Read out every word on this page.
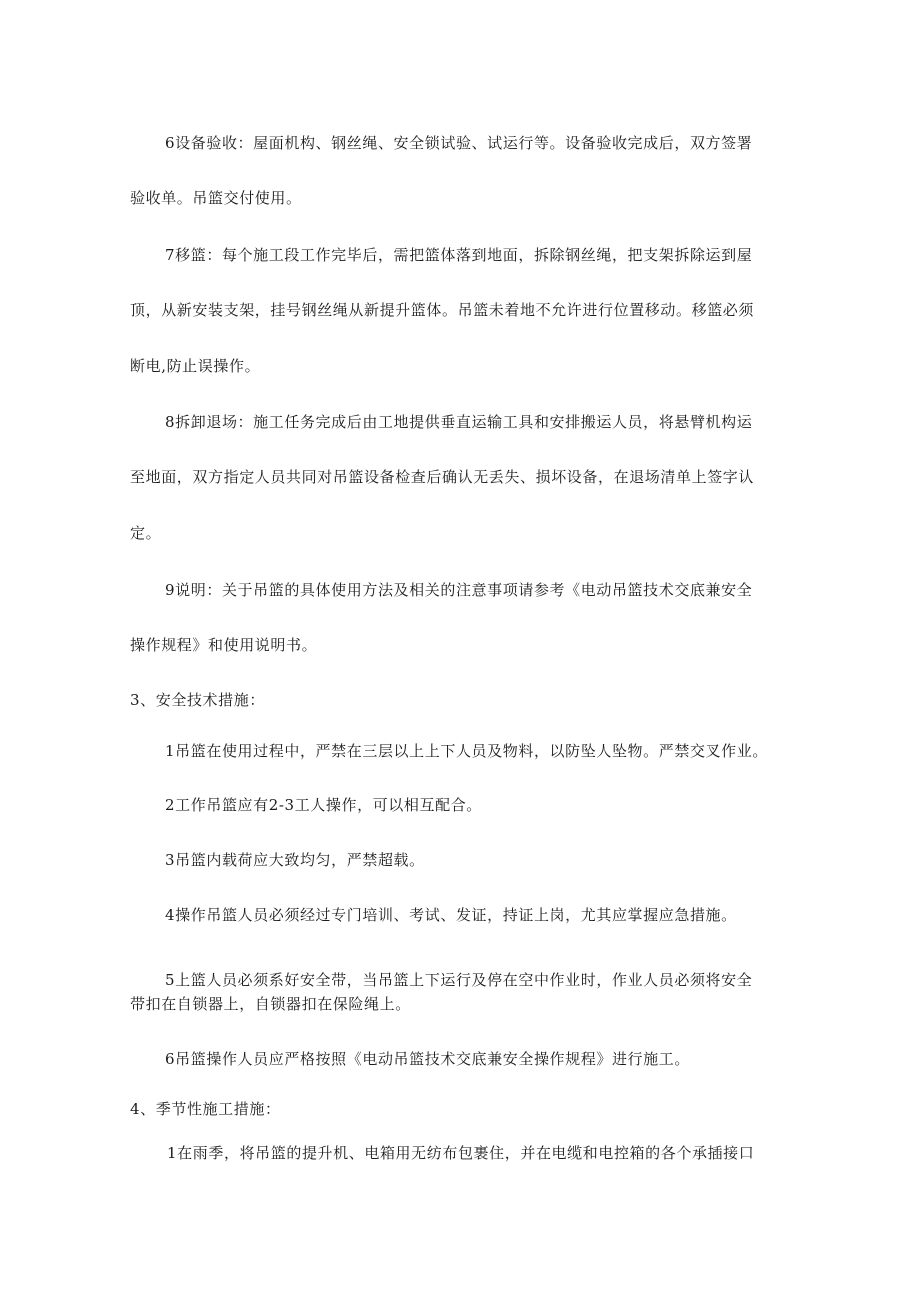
6设备验收：屋面机构、钢丝绳、安全锁试验、试运行等。设备验收完成后，双方签署
验收单。吊篮交付使用。
7移篮：每个施工段工作完毕后，需把篮体落到地面，拆除钢丝绳，把支架拆除运到屋
顶，从新安装支架，挂号钢丝绳从新提升篮体。吊篮未着地不允许进行位置移动。移篮必须
断电,防止误操作。
8拆卸退场：施工任务完成后由工地提供垂直运输工具和安排搬运人员，将悬臂机构运
至地面，双方指定人员共同对吊篮设备检查后确认无丢失、损坏设备，在退场清单上签字认
定。
9说明：关于吊篮的具体使用方法及相关的注意事项请参考《电动吊篮技术交底兼安全
操作规程》和使用说明书。
3、安全技术措施：
1吊篮在使用过程中，严禁在三层以上上下人员及物料，以防坠人坠物。严禁交叉作业。
2工作吊篮应有2-3工人操作，可以相互配合。
3吊篮内载荷应大致均匀，严禁超载。
4操作吊篮人员必须经过专门培训、考试、发证，持证上岗，尤其应掌握应急措施。
5上篮人员必须系好安全带，当吊篮上下运行及停在空中作业时，作业人员必须将安全
带扣在自锁器上，自锁器扣在保险绳上。
6吊篮操作人员应严格按照《电动吊篮技术交底兼安全操作规程》进行施工。
4、季节性施工措施：
1在雨季，将吊篮的提升机、电箱用无纺布包裹住，并在电缆和电控箱的各个承插接口
